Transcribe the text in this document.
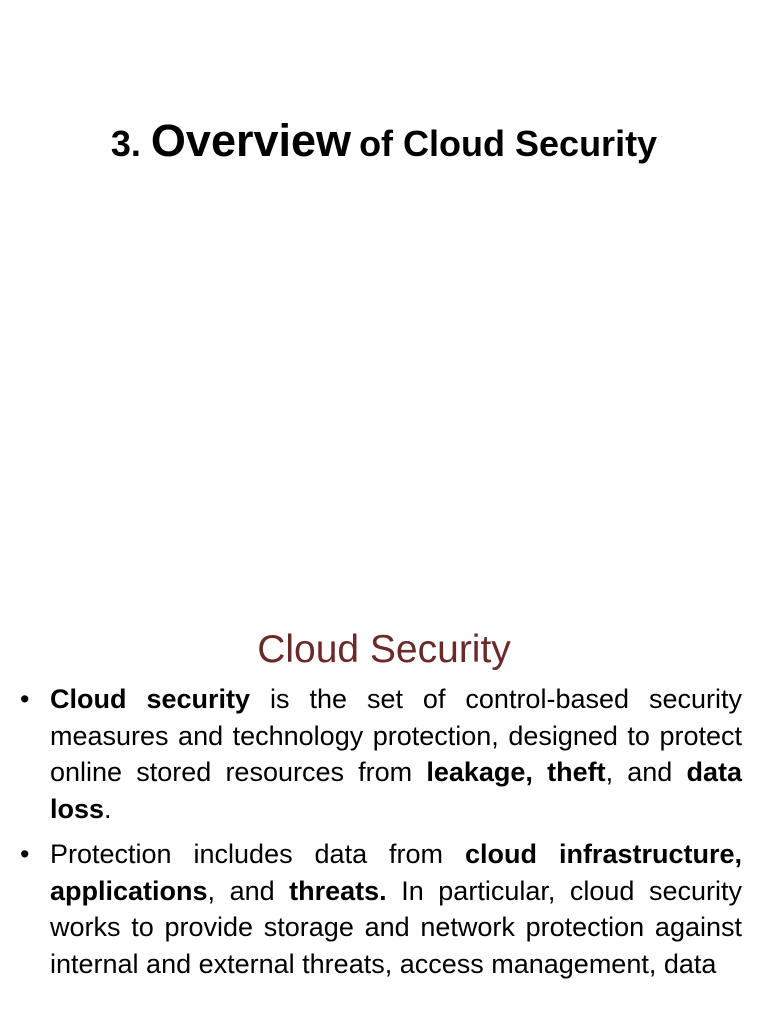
3. Overview of Cloud Security
Cloud Security
• Cloud security is the set of control-based security measures and technology protection, designed to protect online stored resources from leakage, theft, and data loss.
• Protection includes data from cloud infrastructure, applications, and threats. In particular, cloud security works to provide storage and network protection against internal and external threats, access management, data
